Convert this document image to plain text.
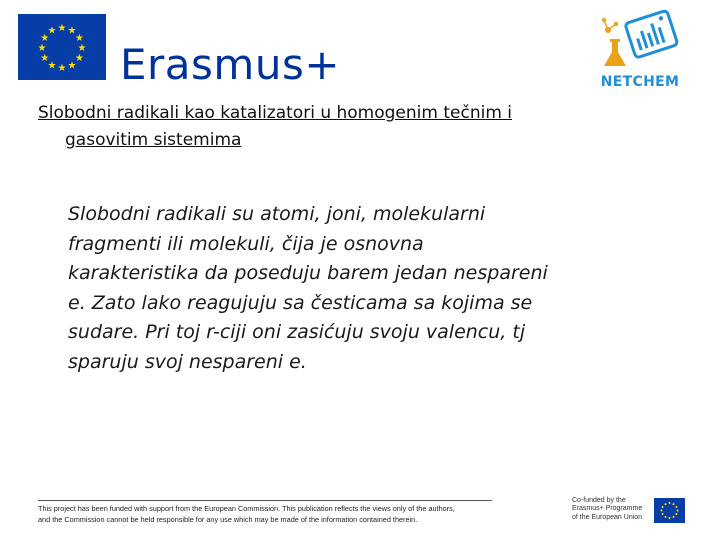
★ ★
★
★
★
★
★
★
★
★
★
★
Erasmus+	NETCHEM
Slobodni radikali kao katalizatori u homogenim tečnim i
gasovitim sistemima
Slobodni radikali su atomi, joni, molekularni
fragmenti ili molekuli, čija je osnovna
karakteristika da poseduju barem jedan nespareni
e. Zato lako reagujuju sa česticama sa kojima se
sudare. Pri toj r-ciji oni zasićuju svoju valencu, tj
sparuju svoj nespareni e.
This project has been funded with support from the European Commission. This publication reflects the views only of the authors,
and the Commission cannot be held responsible for any use which may be made of the information contained therein.
Co-funded by the
Erasmus+ Programme
of the European Union
